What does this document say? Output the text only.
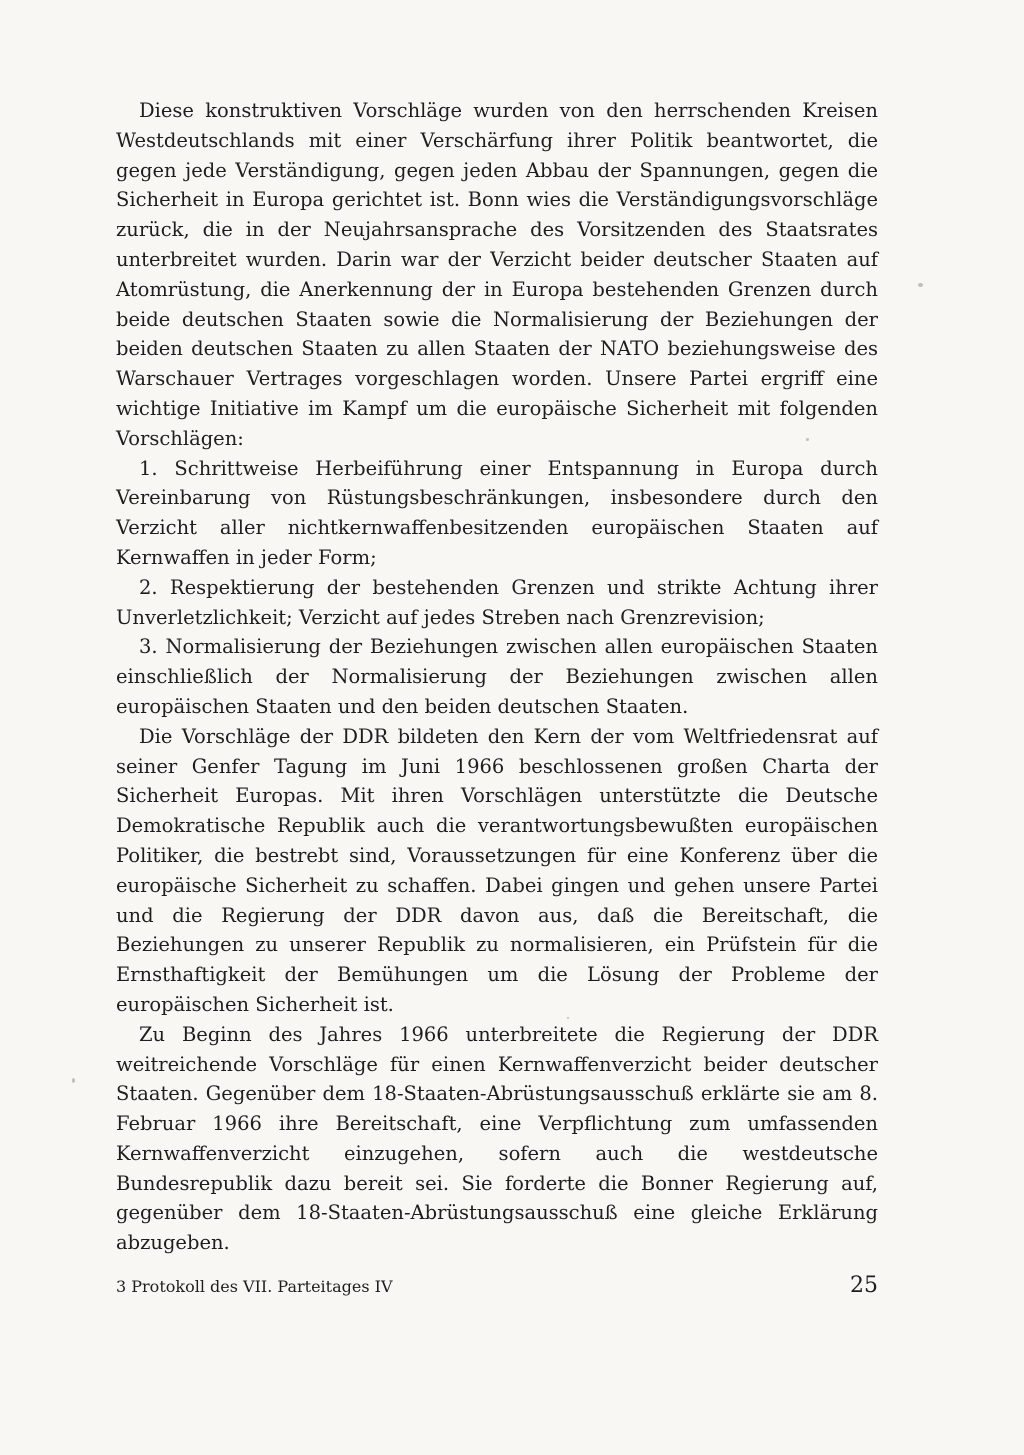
Diese konstruktiven Vorschläge wurden von den herrschenden Kreisen Westdeutschlands mit einer Verschärfung ihrer Politik beantwortet, die gegen jede Verständigung, gegen jeden Abbau der Spannungen, gegen die Sicherheit in Europa gerichtet ist. Bonn wies die Verständigungsvorschläge zurück, die in der Neujahrsansprache des Vorsitzenden des Staatsrates unterbreitet wurden. Darin war der Verzicht beider deutscher Staaten auf Atomrüstung, die Anerkennung der in Europa bestehenden Grenzen durch beide deutschen Staaten sowie die Normalisierung der Beziehungen der beiden deutschen Staaten zu allen Staaten der NATO beziehungsweise des Warschauer Vertrages vorgeschlagen worden. Unsere Partei ergriff eine wichtige Initiative im Kampf um die europäische Sicherheit mit folgenden Vorschlägen:

1. Schrittweise Herbeiführung einer Entspannung in Europa durch Vereinbarung von Rüstungsbeschränkungen, insbesondere durch den Verzicht aller nichtkernwaffenbesitzenden europäischen Staaten auf Kernwaffen in jeder Form;

2. Respektierung der bestehenden Grenzen und strikte Achtung ihrer Unverletzlichkeit; Verzicht auf jedes Streben nach Grenzrevision;

3. Normalisierung der Beziehungen zwischen allen europäischen Staaten einschließlich der Normalisierung der Beziehungen zwischen allen europäischen Staaten und den beiden deutschen Staaten.

Die Vorschläge der DDR bildeten den Kern der vom Weltfriedensrat auf seiner Genfer Tagung im Juni 1966 beschlossenen großen Charta der Sicherheit Europas. Mit ihren Vorschlägen unterstützte die Deutsche Demokratische Republik auch die verantwortungsbewußten europäischen Politiker, die bestrebt sind, Voraussetzungen für eine Konferenz über die europäische Sicherheit zu schaffen. Dabei gingen und gehen unsere Partei und die Regierung der DDR davon aus, daß die Bereitschaft, die Beziehungen zu unserer Republik zu normalisieren, ein Prüfstein für die Ernsthaftigkeit der Bemühungen um die Lösung der Probleme der europäischen Sicherheit ist.

Zu Beginn des Jahres 1966 unterbreitete die Regierung der DDR weitreichende Vorschläge für einen Kernwaffenverzicht beider deutscher Staaten. Gegenüber dem 18-Staaten-Abrüstungsausschuß erklärte sie am 8. Februar 1966 ihre Bereitschaft, eine Verpflichtung zum umfassenden Kernwaffenverzicht einzugehen, sofern auch die westdeutsche Bundesrepublik dazu bereit sei. Sie forderte die Bonner Regierung auf, gegenüber dem 18-Staaten-Abrüstungsausschuß eine gleiche Erklärung abzugeben.

3 Protokoll des VII. Parteitages IV	25
